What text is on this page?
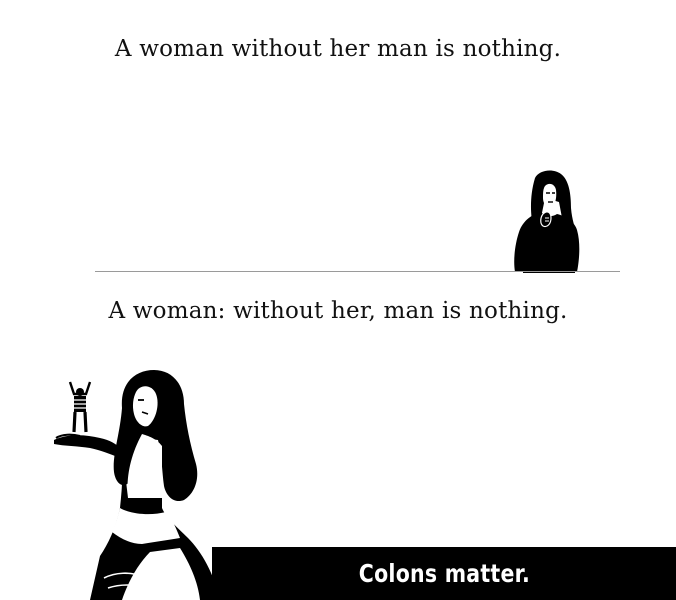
A woman without her man is nothing.

A woman: without her, man is nothing.

Colons matter.
